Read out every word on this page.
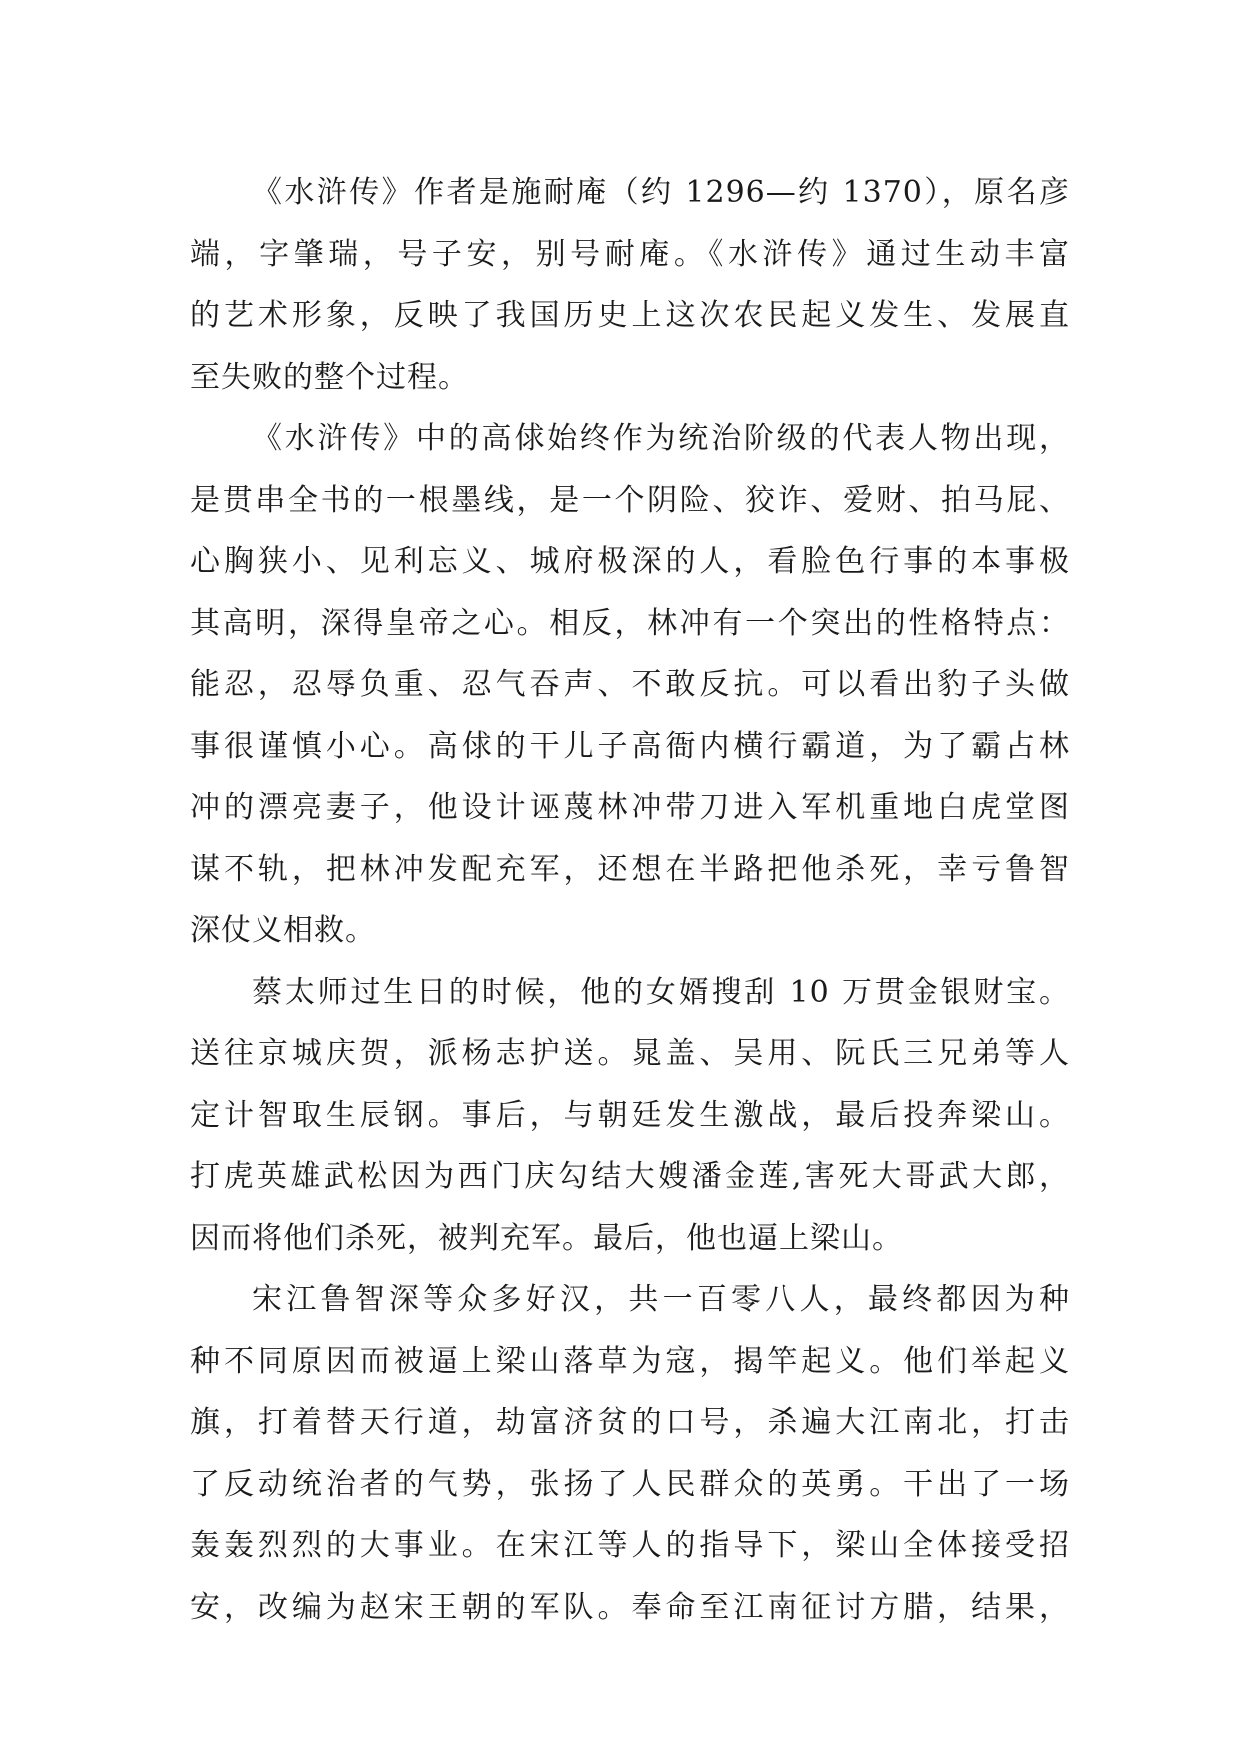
《水浒传》作者是施耐庵（约 1296—约 1370），原名彦
端，字肇瑞，号子安，别号耐庵。《水浒传》通过生动丰富
的艺术形象，反映了我国历史上这次农民起义发生、发展直
至失败的整个过程。
《水浒传》中的高俅始终作为统治阶级的代表人物出现，
是贯串全书的一根墨线，是一个阴险、狡诈、爱财、拍马屁、
心胸狭小、见利忘义、城府极深的人，看脸色行事的本事极
其高明，深得皇帝之心。相反，林冲有一个突出的性格特点：
能忍，忍辱负重、忍气吞声、不敢反抗。可以看出豹子头做
事很谨慎小心。高俅的干儿子高衙内横行霸道，为了霸占林
冲的漂亮妻子，他设计诬蔑林冲带刀进入军机重地白虎堂图
谋不轨，把林冲发配充军，还想在半路把他杀死，幸亏鲁智
深仗义相救。
蔡太师过生日的时候，他的女婿搜刮 10 万贯金银财宝。
送往京城庆贺，派杨志护送。晁盖、吴用、阮氏三兄弟等人
定计智取生辰钢。事后，与朝廷发生激战，最后投奔梁山。
打虎英雄武松因为西门庆勾结大嫂潘金莲,害死大哥武大郎，
因而将他们杀死，被判充军。最后，他也逼上梁山。
宋江鲁智深等众多好汉，共一百零八人，最终都因为种
种不同原因而被逼上梁山落草为寇，揭竿起义。他们举起义
旗，打着替天行道，劫富济贫的口号，杀遍大江南北，打击
了反动统治者的气势，张扬了人民群众的英勇。干出了一场
轰轰烈烈的大事业。在宋江等人的指导下，梁山全体接受招
安，改编为赵宋王朝的军队。奉命至江南征讨方腊，结果，
